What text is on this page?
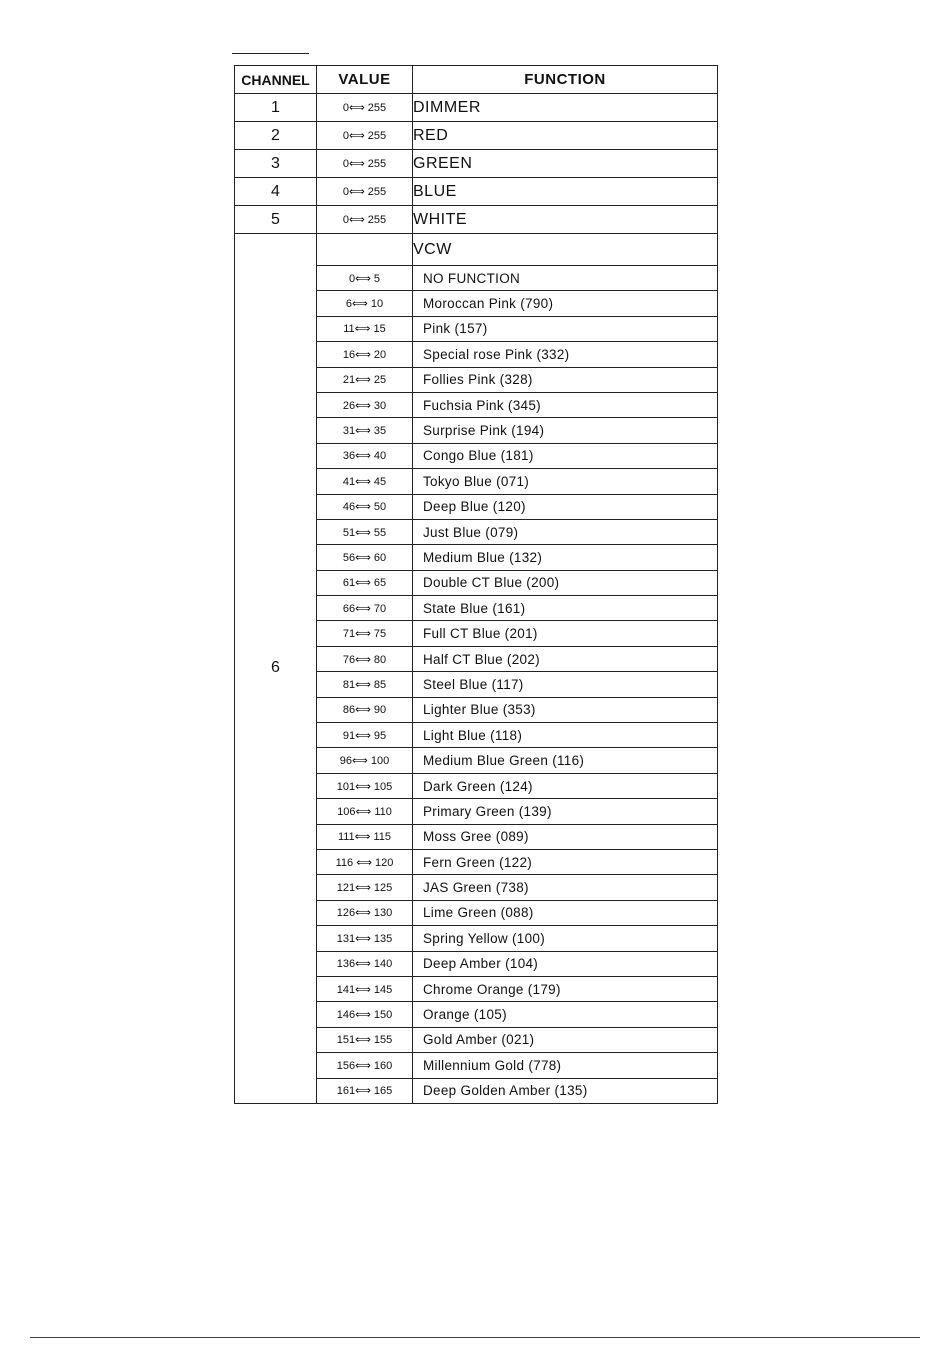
CHANNEL	VALUE	FUNCTION
1	0⟺ 255	DIMMER
2	0⟺ 255	RED
3	0⟺ 255	GREEN
4	0⟺ 255	BLUE
5	0⟺ 255	WHITE
6		VCW
	0⟺ 5	NO FUNCTION
	6⟺ 10	Moroccan Pink (790)
	11⟺ 15	Pink (157)
	16⟺ 20	Special rose Pink (332)
	21⟺ 25	Follies Pink (328)
	26⟺ 30	Fuchsia Pink (345)
	31⟺ 35	Surprise Pink (194)
	36⟺ 40	Congo Blue (181)
	41⟺ 45	Tokyo Blue (071)
	46⟺ 50	Deep Blue (120)
	51⟺ 55	Just Blue (079)
	56⟺ 60	Medium Blue (132)
	61⟺ 65	Double CT Blue (200)
	66⟺ 70	State Blue (161)
	71⟺ 75	Full CT Blue (201)
	76⟺ 80	Half CT Blue (202)
	81⟺ 85	Steel Blue (117)
	86⟺ 90	Lighter Blue (353)
	91⟺ 95	Light Blue (118)
	96⟺ 100	Medium Blue Green (116)
	101⟺ 105	Dark Green (124)
	106⟺ 110	Primary Green (139)
	111⟺ 115	Moss Gree (089)
	116 ⟺ 120	Fern Green (122)
	121⟺ 125	JAS Green (738)
	126⟺ 130	Lime Green (088)
	131⟺ 135	Spring Yellow (100)
	136⟺ 140	Deep Amber (104)
	141⟺ 145	Chrome Orange (179)
	146⟺ 150	Orange (105)
	151⟺ 155	Gold Amber (021)
	156⟺ 160	Millennium Gold (778)
	161⟺ 165	Deep Golden Amber (135)
